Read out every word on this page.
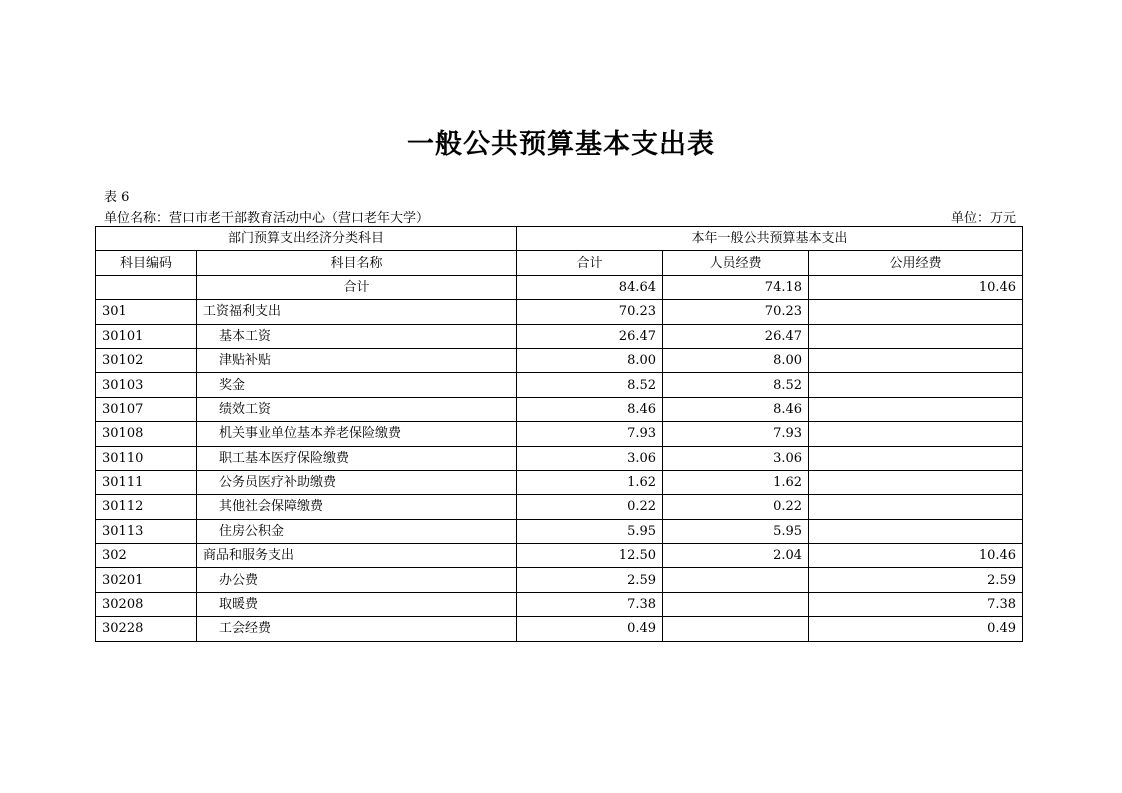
一般公共预算基本支出表
表 6
单位名称：营口市老干部教育活动中心（营口老年大学）	单位：万元
部门预算支出经济分类科目		本年一般公共预算基本支出		
科目编码	科目名称	合计	人员经费	公用经费
	合计	84.64	74.18	10.46
301	工资福利支出	70.23	70.23	
30101	基本工资	26.47	26.47	
30102	津贴补贴	8.00	8.00	
30103	奖金	8.52	8.52	
30107	绩效工资	8.46	8.46	
30108	机关事业单位基本养老保险缴费	7.93	7.93	
30110	职工基本医疗保险缴费	3.06	3.06	
30111	公务员医疗补助缴费	1.62	1.62	
30112	其他社会保障缴费	0.22	0.22	
30113	住房公积金	5.95	5.95	
302	商品和服务支出	12.50	2.04	10.46
30201	办公费	2.59		2.59
30208	取暖费	7.38		7.38
30228	工会经费	0.49		0.49
